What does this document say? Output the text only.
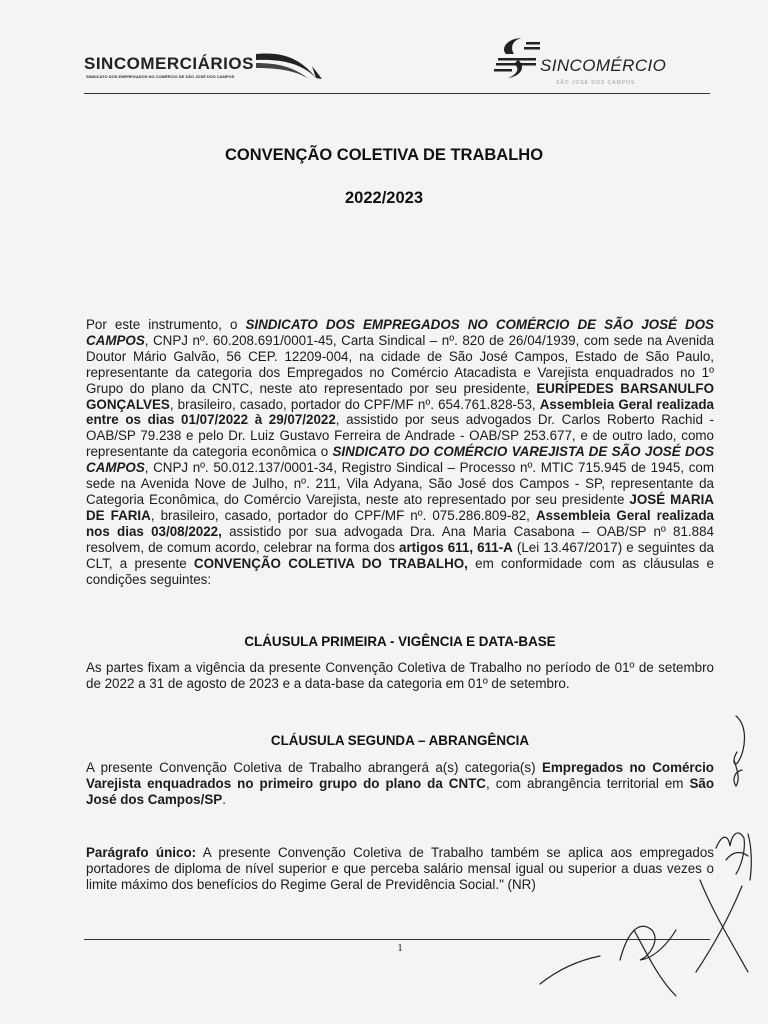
SINCOMERCIÁRIOS
SINDICATO DOS EMPREGADOS NO COMÉRCIO DE SÃO JOSÉ DOS CAMPOS
SINCOMÉRCIO
SÃO JOSÉ DOS CAMPOS
CONVENÇÃO COLETIVA DE TRABALHO
2022/2023
Por este instrumento, o SINDICATO DOS EMPREGADOS NO COMÉRCIO DE SÃO JOSÉ DOS CAMPOS, CNPJ nº. 60.208.691/0001-45, Carta Sindical – nº. 820 de 26/04/1939, com sede na Avenida Doutor Mário Galvão, 56 CEP. 12209-004, na cidade de São José Campos, Estado de São Paulo, representante da categoria dos Empregados no Comércio Atacadista e Varejista enquadrados no 1º Grupo do plano da CNTC, neste ato representado por seu presidente, EURÍPEDES BARSANULFO GONÇALVES, brasileiro, casado, portador do CPF/MF nº. 654.761.828-53, Assembleia Geral realizada entre os dias 01/07/2022 à 29/07/2022, assistido por seus advogados Dr. Carlos Roberto Rachid - OAB/SP 79.238 e pelo Dr. Luiz Gustavo Ferreira de Andrade - OAB/SP 253.677, e de outro lado, como representante da categoria econômica o SINDICATO DO COMÉRCIO VAREJISTA DE SÃO JOSÉ DOS CAMPOS, CNPJ nº. 50.012.137/0001-34, Registro Sindical – Processo nº. MTIC 715.945 de 1945, com sede na Avenida Nove de Julho, nº. 211, Vila Adyana, São José dos Campos - SP, representante da Categoria Econômica, do Comércio Varejista, neste ato representado por seu presidente JOSÉ MARIA DE FARIA, brasileiro, casado, portador do CPF/MF nº. 075.286.809-82, Assembleia Geral realizada nos dias 03/08/2022, assistido por sua advogada Dra. Ana Maria Casabona – OAB/SP nº 81.884 resolvem, de comum acordo, celebrar na forma dos artigos 611, 611-A (Lei 13.467/2017) e seguintes da CLT, a presente CONVENÇÃO COLETIVA DO TRABALHO, em conformidade com as cláusulas e condições seguintes:
CLÁUSULA PRIMEIRA - VIGÊNCIA E DATA-BASE
As partes fixam a vigência da presente Convenção Coletiva de Trabalho no período de 01º de setembro de 2022 a 31 de agosto de 2023 e a data-base da categoria em 01º de setembro.
CLÁUSULA SEGUNDA – ABRANGÊNCIA
A presente Convenção Coletiva de Trabalho abrangerá a(s) categoria(s) Empregados no Comércio Varejista enquadrados no primeiro grupo do plano da CNTC, com abrangência territorial em São José dos Campos/SP.
Parágrafo único: A presente Convenção Coletiva de Trabalho também se aplica aos empregados portadores de diploma de nível superior e que perceba salário mensal igual ou superior a duas vezes o limite máximo dos benefícios do Regime Geral de Previdência Social." (NR)
1
